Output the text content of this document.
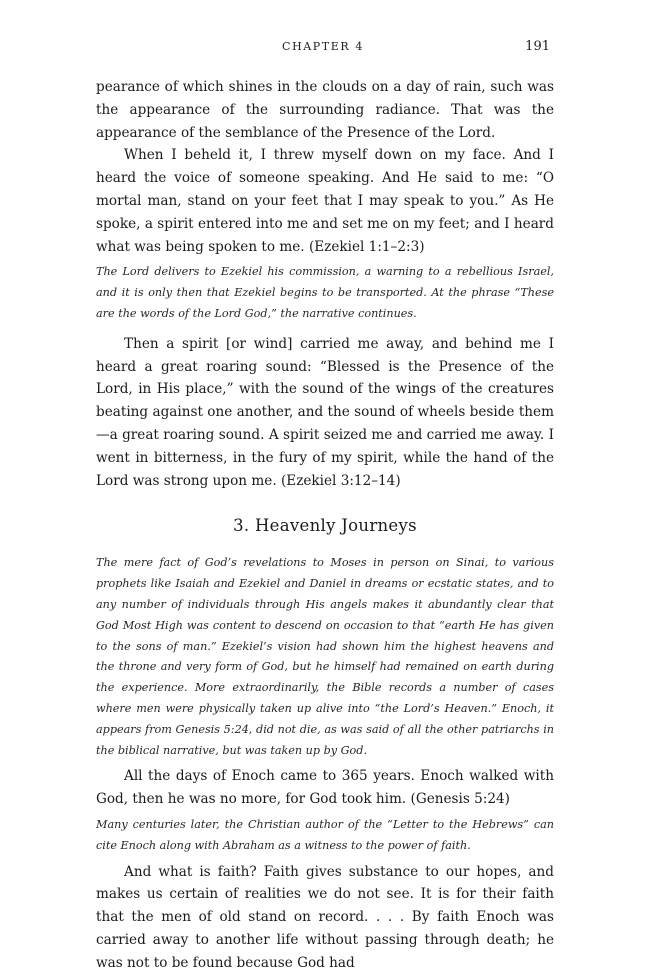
CHAPTER 4	191

pearance of which shines in the clouds on a day of rain, such was the appearance of the surrounding radiance. That was the appearance of the semblance of the Presence of the Lord.

When I beheld it, I threw myself down on my face. And I heard the voice of someone speaking. And He said to me: “O mortal man, stand on your feet that I may speak to you.” As He spoke, a spirit entered into me and set me on my feet; and I heard what was being spoken to me. (Ezekiel 1:1–2:3)

The Lord delivers to Ezekiel his commission, a warning to a rebellious Israel, and it is only then that Ezekiel begins to be transported. At the phrase “These are the words of the Lord God,” the narrative continues.

Then a spirit [or wind] carried me away, and behind me I heard a great roaring sound: “Blessed is the Presence of the Lord, in His place,” with the sound of the wings of the creatures beating against one another, and the sound of wheels beside them—a great roaring sound. A spirit seized me and carried me away. I went in bitterness, in the fury of my spirit, while the hand of the Lord was strong upon me. (Ezekiel 3:12–14)

3. Heavenly Journeys

The mere fact of God’s revelations to Moses in person on Sinai, to various prophets like Isaiah and Ezekiel and Daniel in dreams or ecstatic states, and to any number of individuals through His angels makes it abundantly clear that God Most High was content to descend on occasion to that “earth He has given to the sons of man.” Ezekiel’s vision had shown him the highest heavens and the throne and very form of God, but he himself had remained on earth during the experience. More extraordinarily, the Bible records a number of cases where men were physically taken up alive into “the Lord’s Heaven.” Enoch, it appears from Genesis 5:24, did not die, as was said of all the other patriarchs in the biblical narrative, but was taken up by God.

All the days of Enoch came to 365 years. Enoch walked with God, then he was no more, for God took him. (Genesis 5:24)

Many centuries later, the Christian author of the “Letter to the Hebrews” can cite Enoch along with Abraham as a witness to the power of faith.

And what is faith? Faith gives substance to our hopes, and makes us certain of realities we do not see. It is for their faith that the men of old stand on record. . . . By faith Enoch was carried away to another life without passing through death; he was not to be found because God had
